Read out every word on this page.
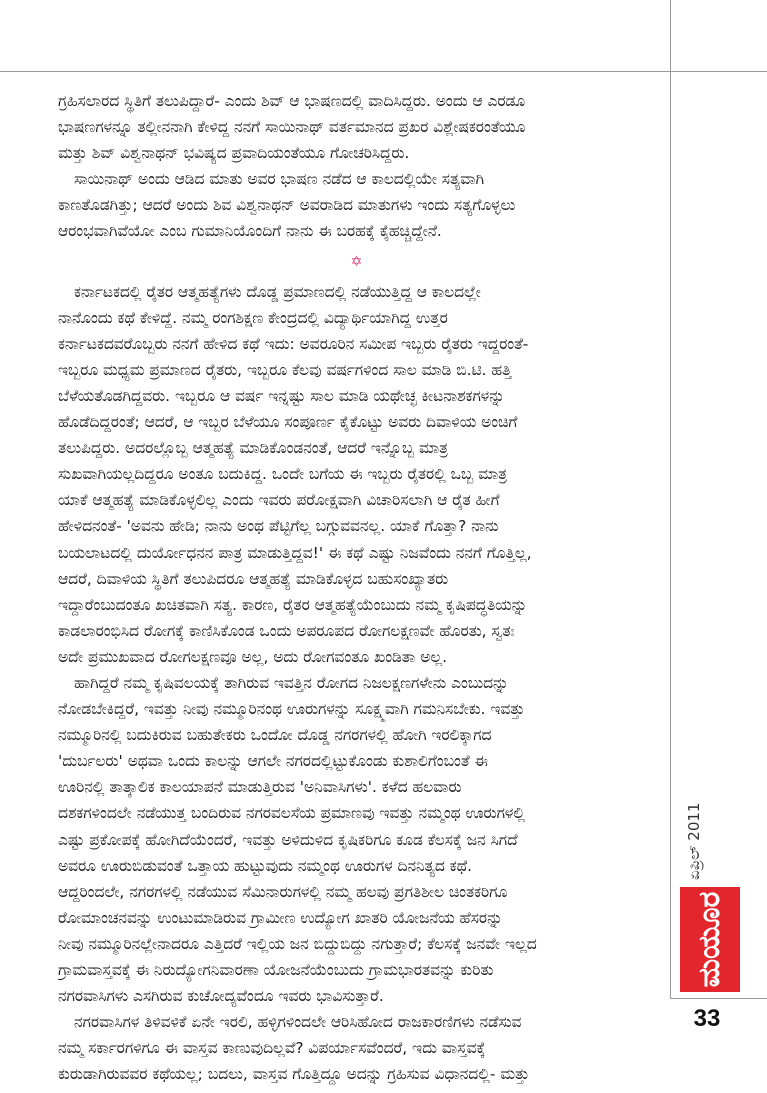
ಗ್ರಹಿಸಲಾರದ ಸ್ಥಿತಿಗೆ ತಲುಪಿದ್ದಾರೆ- ಎಂದು ಶಿವ್ ಆ ಭಾಷಣದಲ್ಲಿ ವಾದಿಸಿದ್ದರು. ಅಂದು ಆ ಎರಡೂ
ಭಾಷಣಗಳನ್ನೂ ತಲ್ಲೀನನಾಗಿ ಕೇಳಿದ್ದ ನನಗೆ ಸಾಯಿನಾಥ್ ವರ್ತಮಾನದ ಪ್ರಖರ ವಿಶ್ಲೇಷಕರಂತೆಯೂ
ಮತ್ತು ಶಿವ್ ವಿಶ್ವನಾಥನ್ ಭವಿಷ್ಯದ ಪ್ರವಾದಿಯಂತೆಯೂ ಗೋಚರಿಸಿದ್ದರು.
ಸಾಯಿನಾಥ್ ಅಂದು ಆಡಿದ ಮಾತು ಅವರ ಭಾಷಣ ನಡೆದ ಆ ಕಾಲದಲ್ಲಿಯೇ ಸತ್ಯವಾಗಿ
ಕಾಣತೊಡಗಿತ್ತು; ಆದರೆ ಅಂದು ಶಿವ ವಿಶ್ವನಾಥನ್ ಅವರಾಡಿದ ಮಾತುಗಳು ಇಂದು ಸತ್ಯಗೊಳ್ಳಲು
ಆರಂಭವಾಗಿವೆಯೋ ಎಂಬ ಗುಮಾನಿಯೊಂದಿಗೆ ನಾನು ಈ ಬರಹಕ್ಕೆ ಕೈಹಚ್ಚಿದ್ದೇನೆ.
✡
ಕರ್ನಾಟಕದಲ್ಲಿ ರೈತರ ಆತ್ಮಹತ್ಯೆಗಳು ದೊಡ್ಡ ಪ್ರಮಾಣದಲ್ಲಿ ನಡೆಯುತ್ತಿದ್ದ ಆ ಕಾಲದಲ್ಲೇ
ನಾನೊಂದು ಕಥೆ ಕೇಳಿದ್ದೆ. ನಮ್ಮ ರಂಗಶಿಕ್ಷಣ ಕೇಂದ್ರದಲ್ಲಿ ವಿದ್ಯಾರ್ಥಿಯಾಗಿದ್ದ ಉತ್ತರ
ಕರ್ನಾಟಕದವರೊಬ್ಬರು ನನಗೆ ಹೇಳಿದ ಕಥೆ ಇದು: ಅವರೂರಿನ ಸಮೀಪ ಇಬ್ಬರು ರೈತರು ಇದ್ದರಂತೆ-
ಇಬ್ಬರೂ ಮಧ್ಯಮ ಪ್ರಮಾಣದ ರೈತರು, ಇಬ್ಬರೂ ಕೆಲವು ವರ್ಷಗಳಿಂದ ಸಾಲ ಮಾಡಿ ಬಿ.ಟಿ. ಹತ್ತಿ
ಬೆಳೆಯತೊಡಗಿದ್ದವರು. ಇಬ್ಬರೂ ಆ ವರ್ಷ ಇನ್ನಷ್ಟು ಸಾಲ ಮಾಡಿ ಯಥೇಚ್ಛ ಕೀಟನಾಶಕಗಳನ್ನು
ಹೊಡೆದಿದ್ದರಂತೆ; ಆದರೆ, ಆ ಇಬ್ಬರ ಬೆಳೆಯೂ ಸಂಪೂರ್ಣ ಕೈಕೊಟ್ಟು ಅವರು ದಿವಾಳಿಯ ಅಂಚಿಗೆ
ತಲುಪಿದ್ದರು. ಅದರಲ್ಲೊಬ್ಬ ಆತ್ಮಹತ್ಯೆ ಮಾಡಿಕೊಂಡನಂತೆ, ಆದರೆ ಇನ್ನೊಬ್ಬ ಮಾತ್ರ
ಸುಖವಾಗಿಯಲ್ಲದಿದ್ದರೂ ಅಂತೂ ಬದುಕಿದ್ದ. ಒಂದೇ ಬಗೆಯ ಈ ಇಬ್ಬರು ರೈತರಲ್ಲಿ ಒಬ್ಬ ಮಾತ್ರ
ಯಾಕೆ ಆತ್ಮಹತ್ಯೆ ಮಾಡಿಕೊಳ್ಳಲಿಲ್ಲ ಎಂದು ಇವರು ಪರೋಕ್ಷವಾಗಿ ವಿಚಾರಿಸಲಾಗಿ ಆ ರೈತ ಹೀಗೆ
ಹೇಳಿದನಂತೆ- 'ಅವನು ಹೇಡಿ; ನಾನು ಅಂಥ ಪೆಟ್ಟಿಗೆಲ್ಲ ಬಗ್ಗುವವನಲ್ಲ. ಯಾಕೆ ಗೊತ್ತಾ? ನಾನು
ಬಯಲಾಟದಲ್ಲಿ ದುರ್ಯೋಧನನ ಪಾತ್ರ ಮಾಡುತ್ತಿದ್ದವ!' ಈ ಕಥೆ ಎಷ್ಟು ನಿಜವೆಂದು ನನಗೆ ಗೊತ್ತಿಲ್ಲ,
ಆದರೆ, ದಿವಾಳಿಯ ಸ್ಥಿತಿಗೆ ತಲುಪಿದರೂ ಆತ್ಮಹತ್ಯೆ ಮಾಡಿಕೊಳ್ಳದ ಬಹುಸಂಖ್ಯಾತರು
ಇದ್ದಾರೆಂಬುದಂತೂ ಖಚಿತವಾಗಿ ಸತ್ಯ. ಕಾರಣ, ರೈತರ ಆತ್ಮಹತ್ಯೆಯೆಂಬುದು ನಮ್ಮ ಕೃಷಿಪದ್ಧತಿಯನ್ನು
ಕಾಡಲಾರಂಭಿಸಿದ ರೋಗಕ್ಕೆ ಕಾಣಿಸಿಕೊಂಡ ಒಂದು ಅಪರೂಪದ ರೋಗಲಕ್ಷಣವೇ ಹೊರತು, ಸ್ವತಃ
ಅದೇ ಪ್ರಮುಖವಾದ ರೋಗಲಕ್ಷಣವೂ ಅಲ್ಲ, ಅದು ರೋಗವಂತೂ ಖಂಡಿತಾ ಅಲ್ಲ.
ಹಾಗಿದ್ದರೆ ನಮ್ಮ ಕೃಷಿವಲಯಕ್ಕೆ ತಾಗಿರುವ ಇವತ್ತಿನ ರೋಗದ ನಿಜಲಕ್ಷಣಗಳೇನು ಎಂಬುದನ್ನು
ನೋಡಬೇಕಿದ್ದರೆ, ಇವತ್ತು ನೀವು ನಮ್ಮೂರಿನಂಥ ಊರುಗಳನ್ನು ಸೂಕ್ಷ್ಮವಾಗಿ ಗಮನಿಸಬೇಕು. ಇವತ್ತು
ನಮ್ಮೂರಿನಲ್ಲಿ ಬದುಕಿರುವ ಬಹುತೇಕರು ಒಂದೋ ದೊಡ್ಡ ನಗರಗಳಲ್ಲಿ ಹೋಗಿ ಇರಲಿಕ್ಕಾಗದ
'ದುರ್ಬಲರು' ಅಥವಾ ಒಂದು ಕಾಲನ್ನು ಆಗಲೇ ನಗರದಲ್ಲಿಟ್ಟುಕೊಂಡು ಕುಶಾಲಿಗೆಂಬಂತೆ ಈ
ಊರಿನಲ್ಲಿ ತಾತ್ಕಾಲಿಕ ಕಾಲಯಾಪನೆ ಮಾಡುತ್ತಿರುವ 'ಅನಿವಾಸಿಗಳು'. ಕಳೆದ ಹಲವಾರು
ದಶಕಗಳಿಂದಲೇ ನಡೆಯುತ್ತ ಬಂದಿರುವ ನಗರವಲಸೆಯ ಪ್ರಮಾಣವು ಇವತ್ತು ನಮ್ಮಂಥ ಊರುಗಳಲ್ಲಿ
ಎಷ್ಟು ಪ್ರಕೋಪಕ್ಕೆ ಹೋಗಿದೆಯೆಂದರೆ, ಇವತ್ತು ಅಳಿದುಳಿದ ಕೃಷಿಕರಿಗೂ ಕೂಡ ಕೆಲಸಕ್ಕೆ ಜನ ಸಿಗದೆ
ಅವರೂ ಊರುಬಿಡುವಂತೆ ಒತ್ತಾಯ ಹುಟ್ಟುವುದು ನಮ್ಮಂಥ ಊರುಗಳ ದಿನನಿತ್ಯದ ಕಥೆ.
ಆದ್ದರಿಂದಲೇ, ನಗರಗಳಲ್ಲಿ ನಡೆಯುವ ಸೆಮಿನಾರುಗಳಲ್ಲಿ ನಮ್ಮ ಹಲವು ಪ್ರಗತಿಶೀಲ ಚಿಂತಕರಿಗೂ
ರೋಮಾಂಚನವನ್ನು ಉಂಟುಮಾಡಿರುವ ಗ್ರಾಮೀಣ ಉದ್ಯೋಗ ಖಾತರಿ ಯೋಜನೆಯ ಹೆಸರನ್ನು
ನೀವು ನಮ್ಮೂರಿನಲ್ಲೇನಾದರೂ ಎತ್ತಿದರೆ ಇಲ್ಲಿಯ ಜನ ಬಿದ್ದುಬಿದ್ದು ನಗುತ್ತಾರೆ; ಕೆಲಸಕ್ಕೆ ಜನವೇ ಇಲ್ಲದ
ಗ್ರಾಮವಾಸ್ತವಕ್ಕೆ ಈ ನಿರುದ್ಯೋಗನಿವಾರಣಾ ಯೋಜನೆಯೆಂಬುದು ಗ್ರಾಮಭಾರತವನ್ನು ಕುರಿತು
ನಗರವಾಸಿಗಳು ಎಸಗಿರುವ ಕುಚೋದ್ಯವೆಂದೂ ಇವರು ಭಾವಿಸುತ್ತಾರೆ.
ನಗರವಾಸಿಗಳ ತಿಳಿವಳಿಕೆ ಏನೇ ಇರಲಿ, ಹಳ್ಳಿಗಳಿಂದಲೇ ಆರಿಸಿಹೋದ ರಾಜಕಾರಣಿಗಳು ನಡೆಸುವ
ನಮ್ಮ ಸರ್ಕಾರಗಳಿಗೂ ಈ ವಾಸ್ತವ ಕಾಣುವುದಿಲ್ಲವೆ? ವಿಪರ್ಯಾಸವೆಂದರೆ, ಇದು ವಾಸ್ತವಕ್ಕೆ
ಕುರುಡಾಗಿರುವವರ ಕಥೆಯಲ್ಲ; ಬದಲು, ವಾಸ್ತವ ಗೊತ್ತಿದ್ದೂ ಅದನ್ನು ಗ್ರಹಿಸುವ ವಿಧಾನದಲ್ಲಿ- ಮತ್ತು
ಏಪ್ರಿಲ್ 2011
ಮಯೂರ
33
